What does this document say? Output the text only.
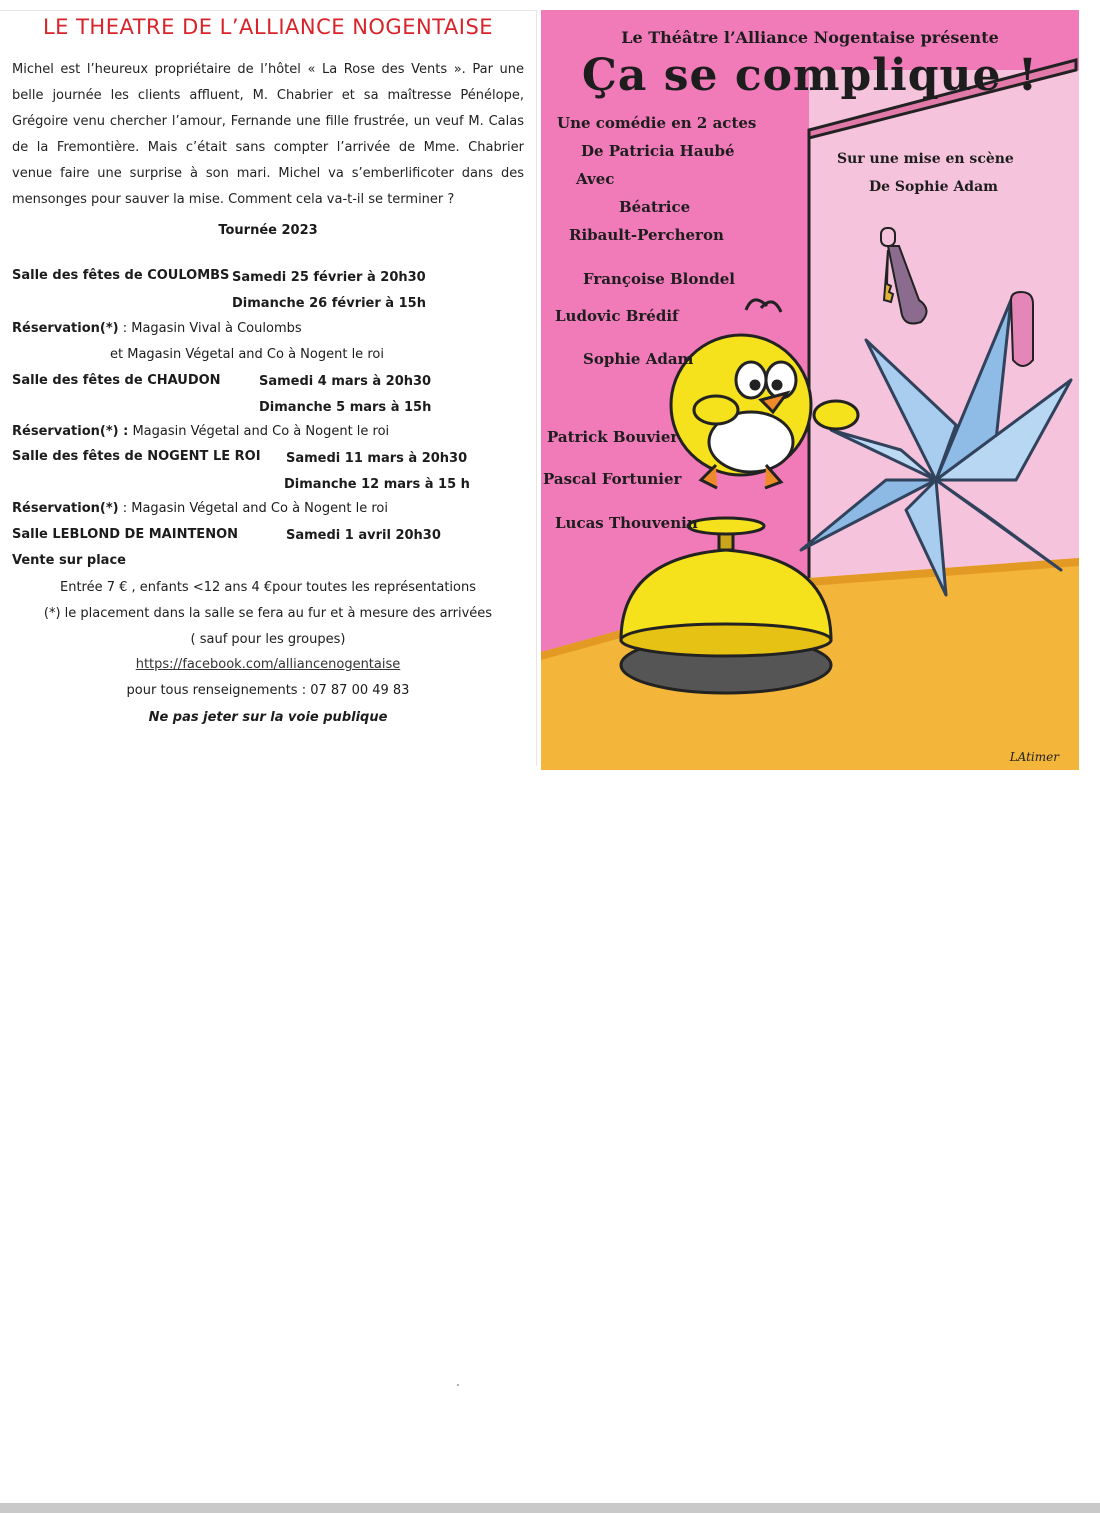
LE THEATRE DE L’ALLIANCE NOGENTAISE

Michel est l’heureux propriétaire de l’hôtel « La Rose des Vents ». Par une belle journée les clients affluent, M. Chabrier et sa maîtresse Pénélope, Grégoire venu chercher l’amour, Fernande une fille frustrée, un veuf M. Calas de la Fremontière. Mais c’était sans compter l’arrivée de Mme. Chabrier venue faire une surprise à son mari. Michel va s’emberlificoter dans des mensonges pour sauver la mise. Comment cela va-t-il se terminer ?

Tournée 2023
Salle des fêtes de COULOMBS Samedi 25 février à 20h30
Dimanche 26 février à 15h
Réservation(*) : Magasin Vival à Coulombs
et Magasin Végetal and Co à Nogent le roi
Salle des fêtes de CHAUDON	Samedi 4 mars à 20h30
Dimanche 5 mars à 15h
Réservation(*) : Magasin Végetal and Co à Nogent le roi
Salle des fêtes de NOGENT LE ROI Samedi 11 mars à 20h30
Dimanche 12 mars à 15 h
Réservation(*) : Magasin Végetal and Co à Nogent le roi
Salle LEBLOND DE MAINTENON	Samedi 1 avril 20h30
Vente sur place
Entrée 7 € , enfants <12 ans 4 €pour toutes les représentations
(*) le placement dans la salle se fera au fur et à mesure des arrivées
( sauf pour les groupes)
https://facebook.com/alliancenogentaise
pour tous renseignements : 07 87 00 49 83
Ne pas jeter sur la voie publique
Le Théâtre l’Alliance Nogentaise présente
Ça se complique !
Une comédie en 2 actes
De Patricia Haubé
Avec
Sur une mise en scène
De Sophie Adam
Béatrice
Ribault-Percheron
Françoise Blondel
Ludovic Brédif
Sophie Adam
Patrick Bouvier
Pascal Fortunier
Lucas Thouvenin
LAtimer
